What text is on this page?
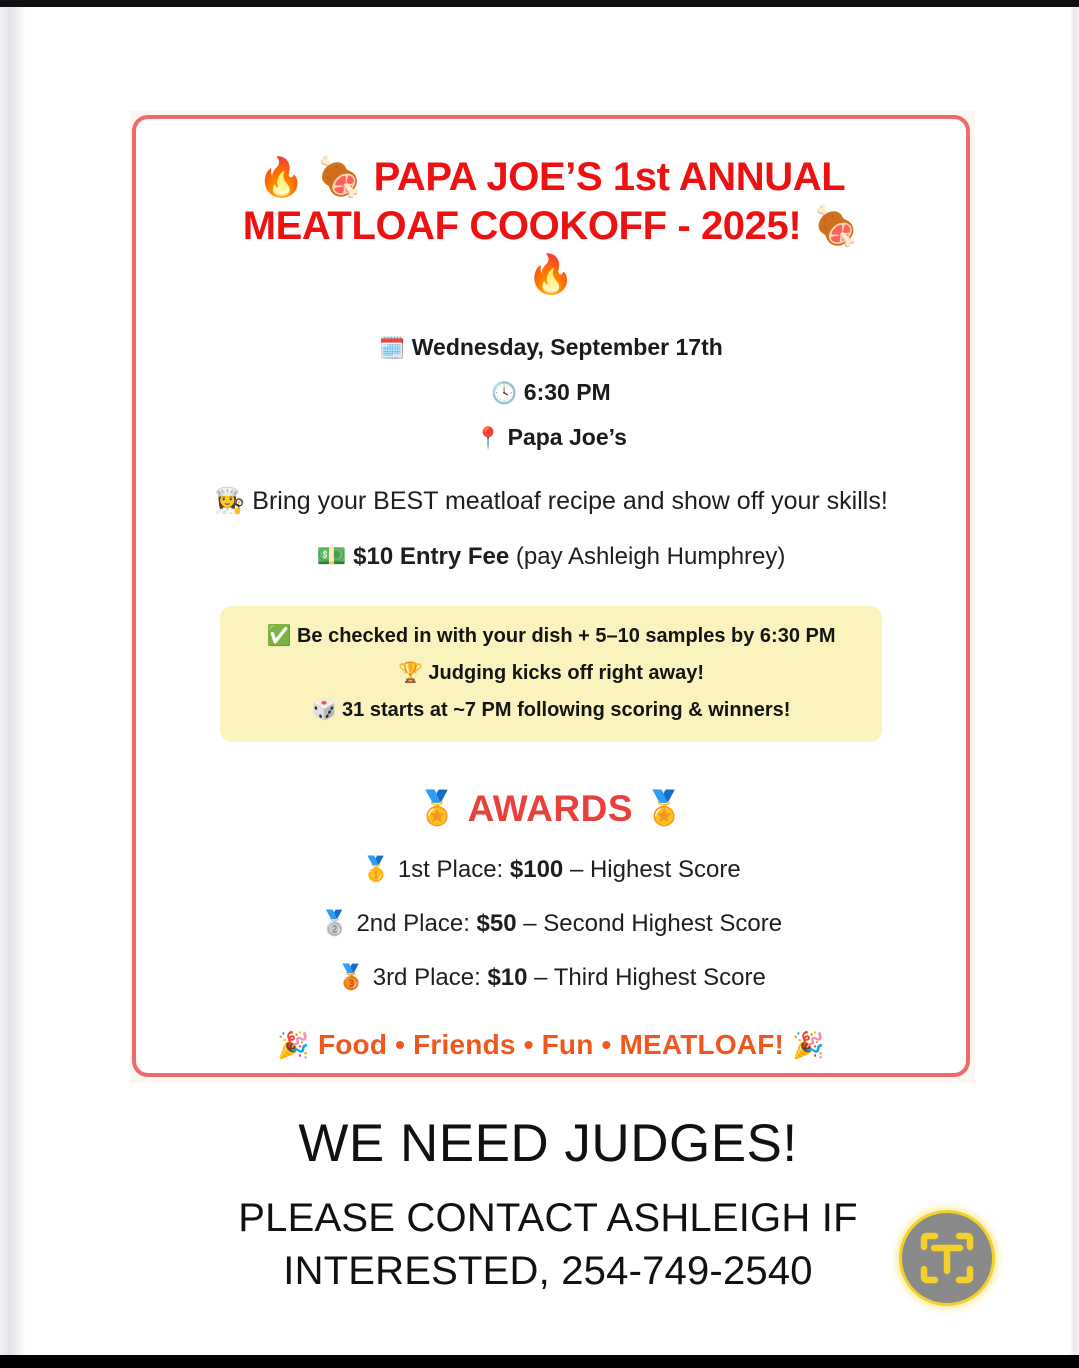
🔥 🍖 PAPA JOE’S 1st ANNUAL MEATLOAF COOKOFF - 2025! 🍖
🔥
🗓️ Wednesday, September 17th
🕓 6:30 PM
📍 Papa Joe’s
👩‍🍳 Bring your BEST meatloaf recipe and show off your skills!
💵 $10 Entry Fee (pay Ashleigh Humphrey)
✅ Be checked in with your dish + 5–10 samples by 6:30 PM
🏆 Judging kicks off right away!
🎲 31 starts at ~7 PM following scoring & winners!
🏅 AWARDS 🏅
🥇 1st Place: $100 – Highest Score
🥈 2nd Place: $50 – Second Highest Score
🥉 3rd Place: $10 – Third Highest Score
🎉 Food • Friends • Fun • MEATLOAF! 🎉
WE NEED JUDGES!
PLEASE CONTACT ASHLEIGH IF
INTERESTED, 254-749-2540
